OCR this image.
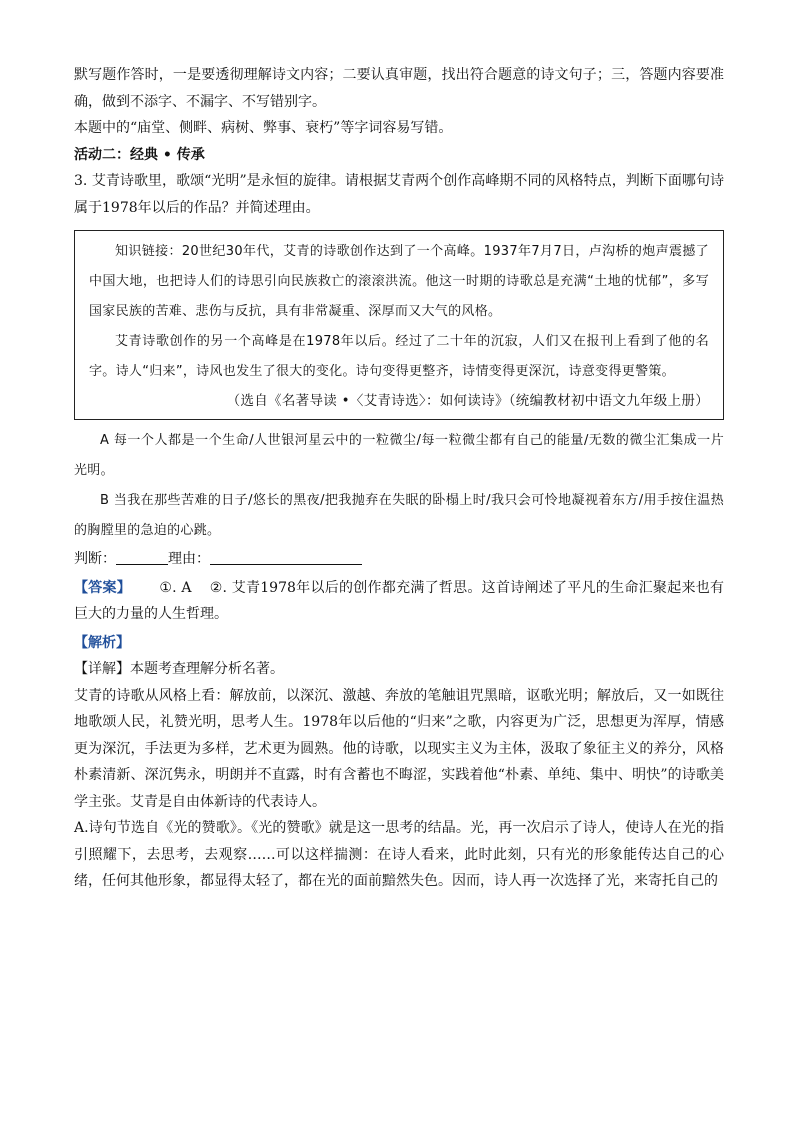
默写题作答时，一是要透彻理解诗文内容；二要认真审题，找出符合题意的诗文句子；三，答题内容要准确，做到不添字、不漏字、不写错别字。

本题中的“庙堂、侧畔、病树、弊事、衰朽”等字词容易写错。

活动二：经典 • 传承

3. 艾青诗歌里，歌颂“光明”是永恒的旋律。请根据艾青两个创作高峰期不同的风格特点，判断下面哪句诗属于1978年以后的作品？并简述理由。

知识链接：20世纪30年代，艾青的诗歌创作达到了一个高峰。1937年7月7日，卢沟桥的炮声震撼了中国大地，也把诗人们的诗思引向民族救亡的滚滚洪流。他这一时期的诗歌总是充满“土地的忧郁”，多写国家民族的苦难、悲伤与反抗，具有非常凝重、深厚而又大气的风格。

艾青诗歌创作的另一个高峰是在1978年以后。经过了二十年的沉寂，人们又在报刊上看到了他的名字。诗人“归来”，诗风也发生了很大的变化。诗句变得更整齐，诗情变得更深沉，诗意变得更警策。

（选自《名著导读 •〈艾青诗选〉：如何读诗》（统编教材初中语文九年级上册）

A 每一个人都是一个生命/人世银河星云中的一粒微尘/每一粒微尘都有自己的能量/无数的微尘汇集成一片光明。

B 当我在那些苦难的日子/悠长的黑夜/把我抛弃在失眠的卧榻上时/我只会可怜地凝视着东方/用手按住温热的胸膛里的急迫的心跳。

判断：	理由：

【答案】 ①. A ②. 艾青1978年以后的创作都充满了哲思。这首诗阐述了平凡的生命汇聚起来也有巨大的力量的人生哲理。

【解析】

【详解】本题考查理解分析名著。

艾青的诗歌从风格上看：解放前，以深沉、激越、奔放的笔触诅咒黑暗，讴歌光明；解放后，又一如既往地歌颂人民，礼赞光明，思考人生。1978年以后他的“归来”之歌，内容更为广泛，思想更为浑厚，情感更为深沉，手法更为多样，艺术更为圆熟。他的诗歌，以现实主义为主体，汲取了象征主义的养分，风格朴素清新、深沉隽永，明朗并不直露，时有含蓄也不晦涩，实践着他“朴素、单纯、集中、明快”的诗歌美学主张。艾青是自由体新诗的代表诗人。

A.诗句节选自《光的赞歌》。《光的赞歌》就是这一思考的结晶。光，再一次启示了诗人，使诗人在光的指引照耀下，去思考，去观察……可以这样揣测：在诗人看来，此时此刻，只有光的形象能传达自己的心绪，任何其他形象，都显得太轻了，都在光的面前黯然失色。因而，诗人再一次选择了光，来寄托自己的
